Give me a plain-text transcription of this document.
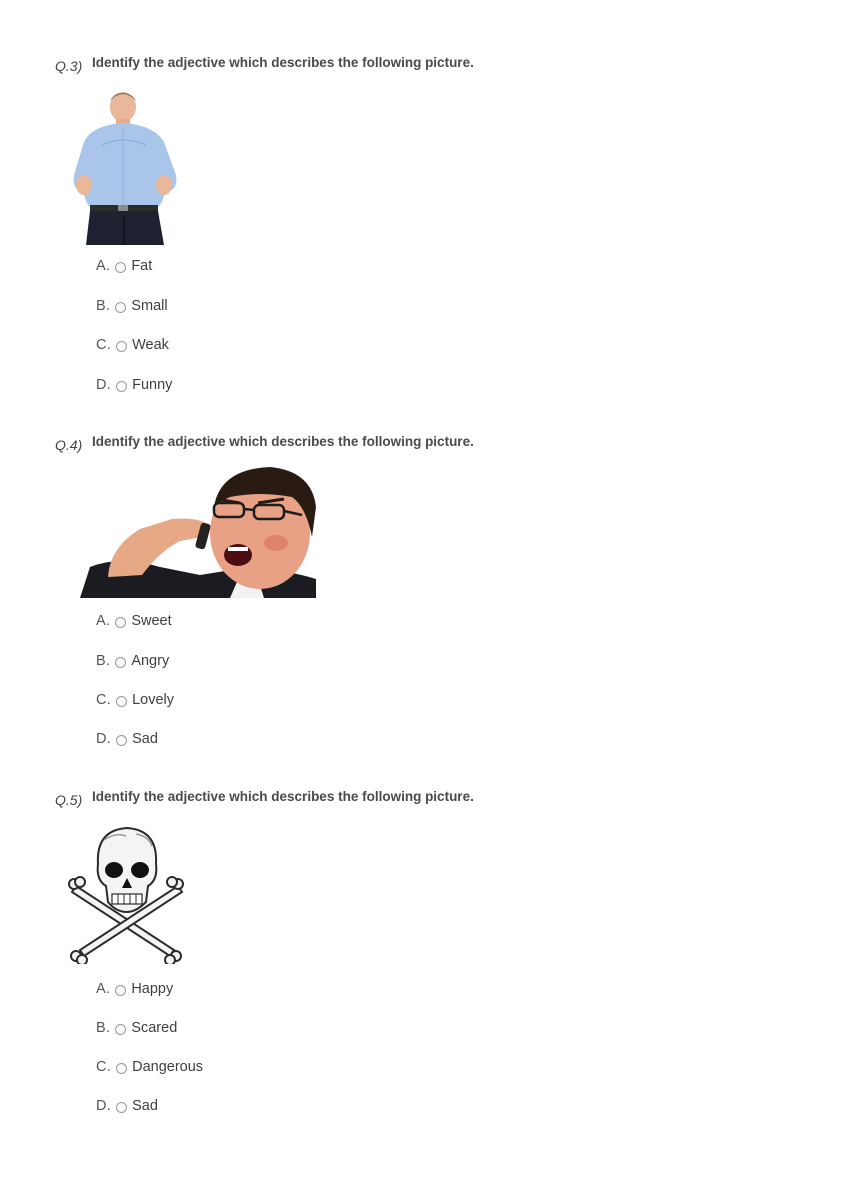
Q.3) Identify the adjective which describes the following picture.
A. Fat
B. Small
C. Weak
D. Funny
Q.4) Identify the adjective which describes the following picture.
A. Sweet
B. Angry
C. Lovely
D. Sad
Q.5) Identify the adjective which describes the following picture.
A. Happy
B. Scared
C. Dangerous
D. Sad
